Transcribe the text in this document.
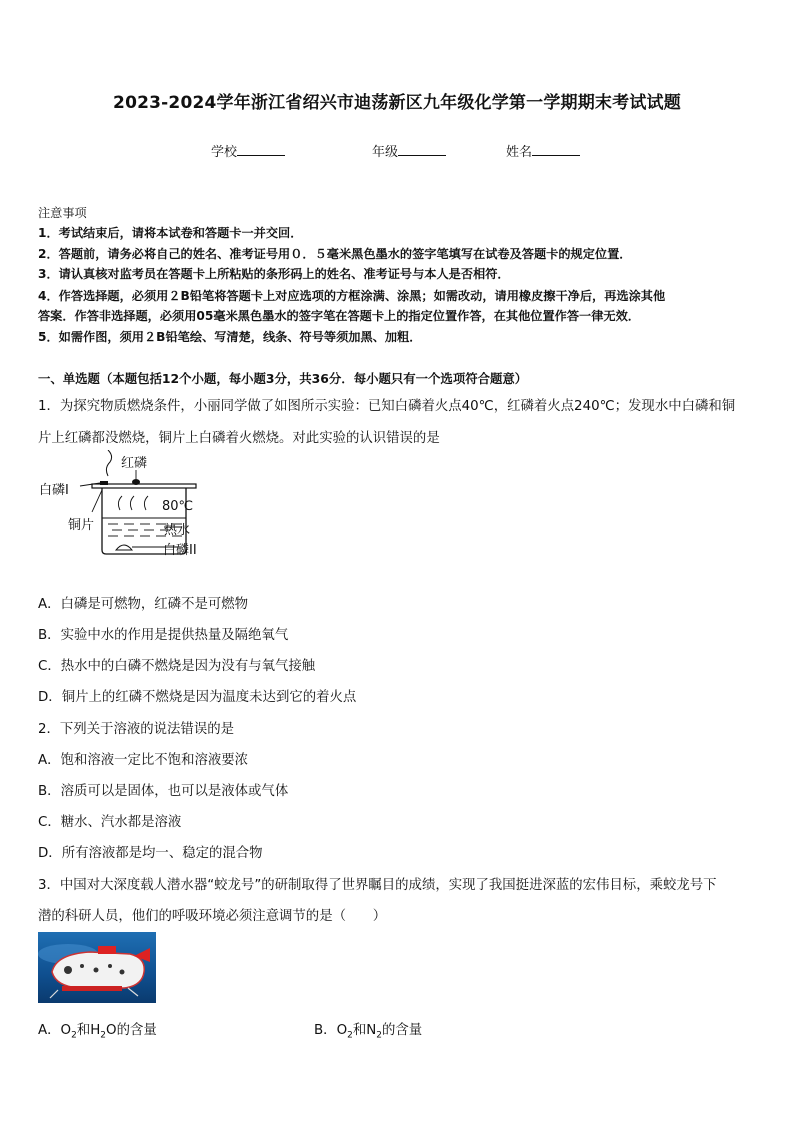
2023-2024学年浙江省绍兴市迪荡新区九年级化学第一学期期末考试试题
学校	年级	姓名
注意事项
1．考试结束后，请将本试卷和答题卡一并交回．
2．答题前，请务必将自己的姓名、准考证号用０．５毫米黑色墨水的签字笔填写在试卷及答题卡的规定位置．
3．请认真核对监考员在答题卡上所粘贴的条形码上的姓名、准考证号与本人是否相符．
4．作答选择题，必须用２B铅笔将答题卡上对应选项的方框涂满、涂黑；如需改动，请用橡皮擦干净后，再选涂其他
答案．作答非选择题，必须用05毫米黑色墨水的签字笔在答题卡上的指定位置作答，在其他位置作答一律无效．
5．如需作图，须用２B铅笔绘、写清楚，线条、符号等须加黑、加粗．
一、单选题（本题包括12个小题，每小题3分，共36分．每小题只有一个选项符合题意）
1．为探究物质燃烧条件，小丽同学做了如图所示实验：已知白磷着火点40℃，红磷着火点240℃；发现水中白磷和铜
片上红磷都没燃烧，铜片上白磷着火燃烧。对此实验的认识错误的是
红磷
白磷Ⅰ
铜片
80℃
热水
白磷II
A．白磷是可燃物，红磷不是可燃物
B．实验中水的作用是提供热量及隔绝氧气
C．热水中的白磷不燃烧是因为没有与氧气接触
D．铜片上的红磷不燃烧是因为温度未达到它的着火点
2．下列关于溶液的说法错误的是
A．饱和溶液一定比不饱和溶液要浓
B．溶质可以是固体，也可以是液体或气体
C．糖水、汽水都是溶液
D．所有溶液都是均一、稳定的混合物
3．中国对大深度载人潜水器“蛟龙号”的研制取得了世界瞩目的成绩，实现了我国挺进深蓝的宏伟目标，乘蛟龙号下
潜的科研人员，他们的呼吸环境必须注意调节的是（　　）
A．$O_2$和$H_2O$的含量	B．$O_2$和$N_2$的含量
